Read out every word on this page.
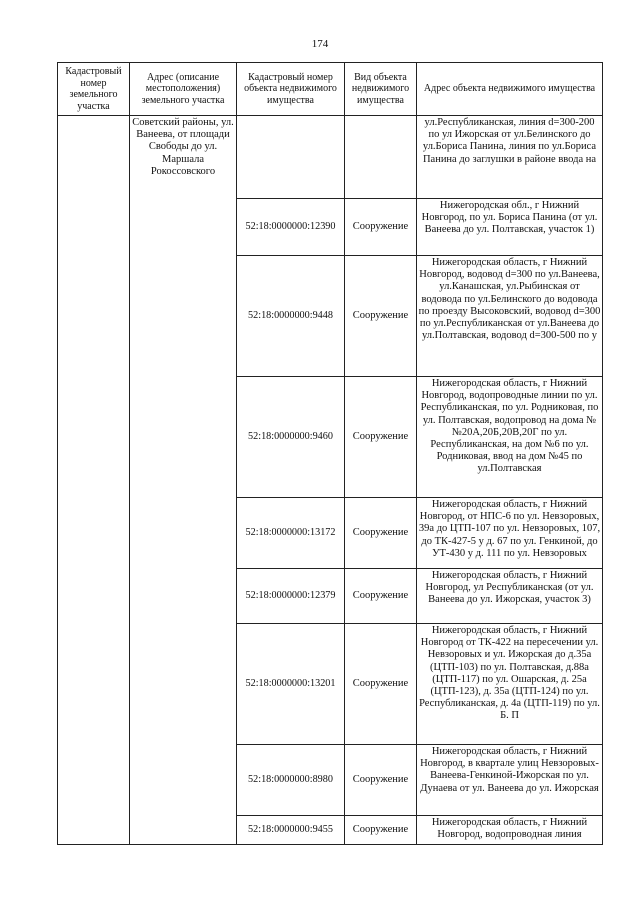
174
Кадастровый номер земельного участка	Адрес (описание местоположения) земельного участка	Кадастровый номер объекта недвижимого имущества	Вид объекта недвижимого имущества	Адрес объекта недвижимого имущества
	Советский районы, ул. Ванеева, от площади Свободы до ул. Маршала Рокоссовского			ул.Республиканская, линия d=300-200 по ул Ижорская от ул.Белинского до ул.Бориса Панина, линия по ул.Бориса Панина до заглушки в районе ввода на
		52:18:0000000:12390	Сооружение	Нижегородская обл., г Нижний Новгород, по ул. Бориса Панина (от ул. Ванеева до ул. Полтавская, участок 1)
		52:18:0000000:9448	Сооружение	Нижегородская область, г Нижний Новгород, водовод d=300 по ул.Ванеева, ул.Канашская, ул.Рыбинская от водовода по ул.Белинского до водовода по проезду Высоковский, водовод d=300 по ул.Республиканская от ул.Ванеева до ул.Полтавская, водовод d=300-500 по у
		52:18:0000000:9460	Сооружение	Нижегородская область, г Нижний Новгород, водопроводные линии по ул. Республиканская, по ул. Родниковая, по ул. Полтавская, водопровод на дома №№20А,20Б,20В,20Г по ул. Республиканская, на дом №6 по ул. Родниковая, ввод на дом №45 по ул.Полтавская
		52:18:0000000:13172	Сооружение	Нижегородская область, г Нижний Новгород, от НПС-6 по ул. Невзоровых, 39а до ЦТП-107 по ул. Невзоровых, 107, до ТК-427-5 у д. 67 по ул. Генкиной, до УТ-430 у д. 111 по ул. Невзоровых
		52:18:0000000:12379	Сооружение	Нижегородская область, г Нижний Новгород, ул Республиканская (от ул. Ванеева до ул. Ижорская, участок 3)
		52:18:0000000:13201	Сооружение	Нижегородская область, г Нижний Новгород от ТК-422 на пересечении ул. Невзоровых и ул. Ижорская до д.35а (ЦТП-103) по ул. Полтавская, д.88а (ЦТП-117) по ул. Ошарская, д. 25а (ЦТП-123), д. 35а (ЦТП-124) по ул. Республиканская, д. 4а (ЦТП-119) по ул. Б. П
		52:18:0000000:8980	Сооружение	Нижегородская область, г Нижний Новгород, в квартале улиц Невзоровых-Ванеева-Генкиной-Ижорская по ул. Дунаева от ул. Ванеева до ул. Ижорская
		52:18:0000000:9455	Сооружение	Нижегородская область, г Нижний Новгород, водопроводная линия
